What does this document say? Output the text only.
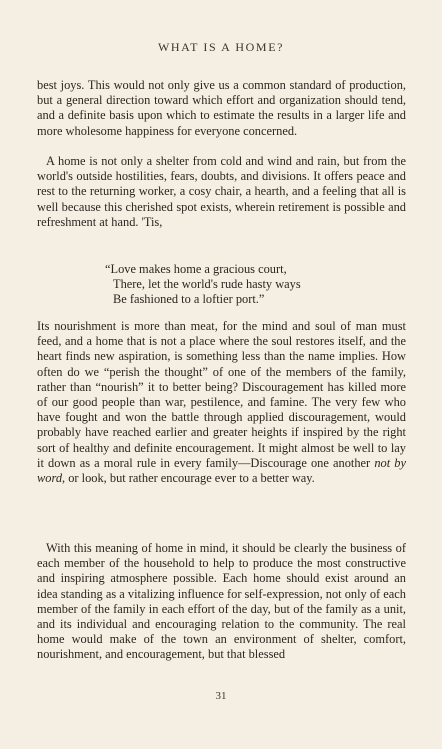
WHAT IS A HOME?
best joys. This would not only give us a common standard of production, but a general direction toward which effort and organization should tend, and a definite basis upon which to estimate the results in a larger life and more wholesome happiness for everyone concerned.
A home is not only a shelter from cold and wind and rain, but from the world's outside hostilities, fears, doubts, and divisions. It offers peace and rest to the returning worker, a cosy chair, a hearth, and a feeling that all is well because this cherished spot exists, wherein retirement is possible and refreshment at hand. 'Tis,
“Love makes home a gracious court,
There, let the world's rude hasty ways
Be fashioned to a loftier port.”
Its nourishment is more than meat, for the mind and soul of man must feed, and a home that is not a place where the soul restores itself, and the heart finds new aspiration, is something less than the name implies. How often do we “perish the thought” of one of the members of the family, rather than “nourish” it to better being? Discouragement has killed more of our good people than war, pestilence, and famine. The very few who have fought and won the battle through applied discouragement, would probably have reached earlier and greater heights if inspired by the right sort of healthy and definite encouragement. It might almost be well to lay it down as a moral rule in every family—Discourage one another not by word, or look, but rather encourage ever to a better way.
With this meaning of home in mind, it should be clearly the business of each member of the household to help to produce the most constructive and inspiring atmosphere possible. Each home should exist around an idea standing as a vitalizing influence for self-expression, not only of each member of the family in each effort of the day, but of the family as a unit, and its individual and encouraging relation to the community. The real home would make of the town an environment of shelter, comfort, nourishment, and encouragement, but that blessed
31
